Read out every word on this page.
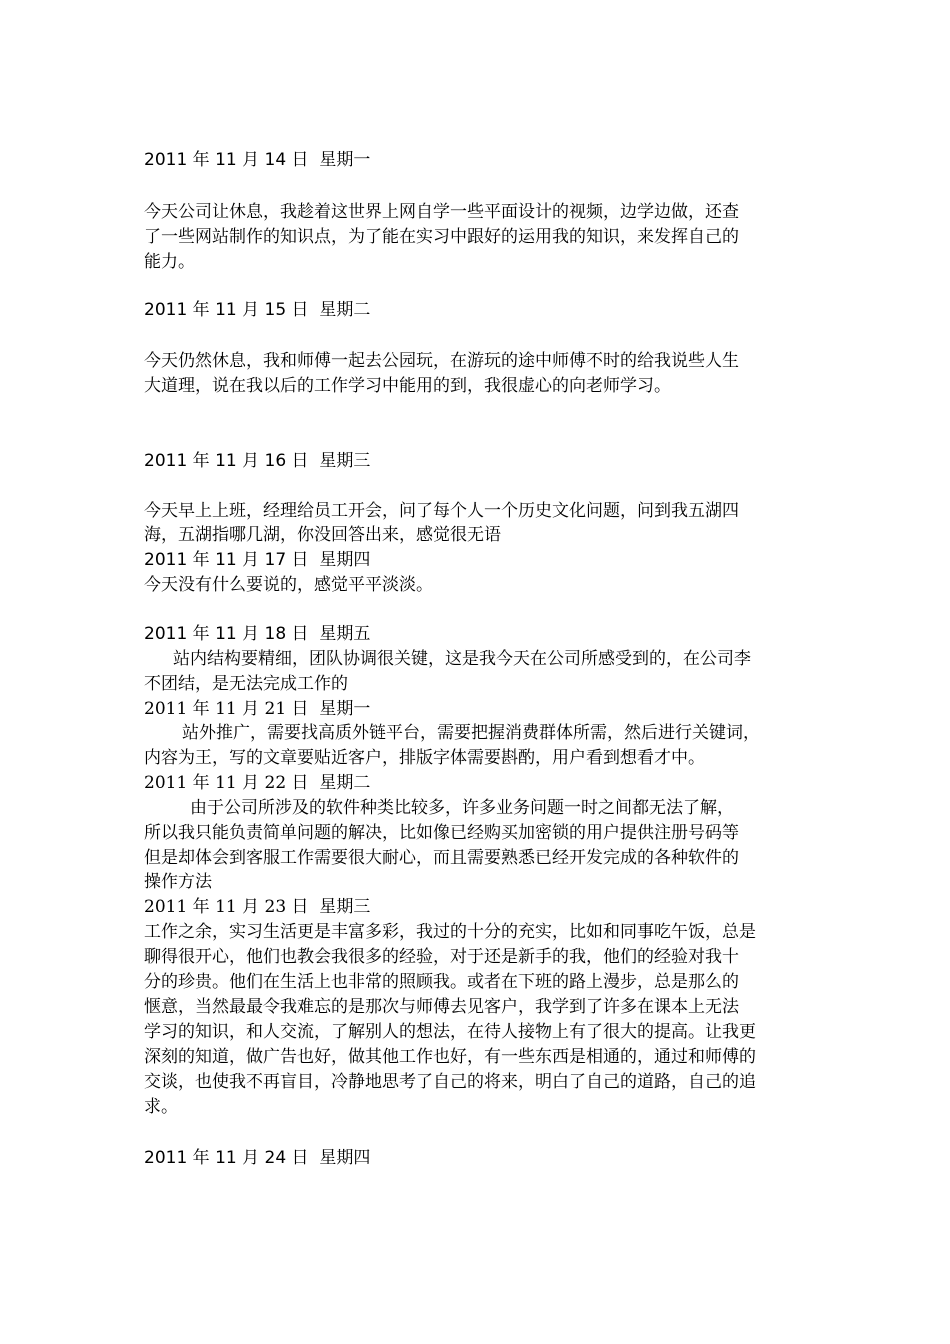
2011 年 11 月 14 日  星期一

今天公司让休息，我趁着这世界上网自学一些平面设计的视频，边学边做，还查

了一些网站制作的知识点，为了能在实习中跟好的运用我的知识，来发挥自己的

能力。

2011 年 11 月 15 日  星期二

今天仍然休息，我和师傅一起去公园玩，在游玩的途中师傅不时的给我说些人生

大道理，说在我以后的工作学习中能用的到，我很虚心的向老师学习。

2011 年 11 月 16 日  星期三

今天早上上班，经理给员工开会，问了每个人一个历史文化问题，问到我五湖四

海，五湖指哪几湖，你没回答出来，感觉很无语

2011 年 11 月 17 日  星期四

今天没有什么要说的，感觉平平淡淡。

2011 年 11 月 18 日  星期五

站内结构要精细，团队协调很关键，这是我今天在公司所感受到的，在公司李

不团结，是无法完成工作的

2011 年 11 月 21 日  星期一

站外推广，需要找高质外链平台，需要把握消费群体所需，然后进行关键词，

内容为王，写的文章要贴近客户，排版字体需要斟酌，用户看到想看才中。

2011 年 11 月 22 日  星期二

由于公司所涉及的软件种类比较多，许多业务问题一时之间都无法了解，

所以我只能负责简单问题的解决，比如像已经购买加密锁的用户提供注册号码等

但是却体会到客服工作需要很大耐心，而且需要熟悉已经开发完成的各种软件的

操作方法

2011 年 11 月 23 日  星期三

工作之余，实习生活更是丰富多彩，我过的十分的充实，比如和同事吃午饭，总是

聊得很开心，他们也教会我很多的经验，对于还是新手的我，他们的经验对我十

分的珍贵。他们在生活上也非常的照顾我。或者在下班的路上漫步，总是那么的

惬意，当然最最令我难忘的是那次与师傅去见客户，我学到了许多在课本上无法

学习的知识，和人交流，了解别人的想法，在待人接物上有了很大的提高。让我更

深刻的知道，做广告也好，做其他工作也好，有一些东西是相通的，通过和师傅的

交谈，也使我不再盲目，冷静地思考了自己的将来，明白了自己的道路，自己的追

求。

2011 年 11 月 24 日  星期四
